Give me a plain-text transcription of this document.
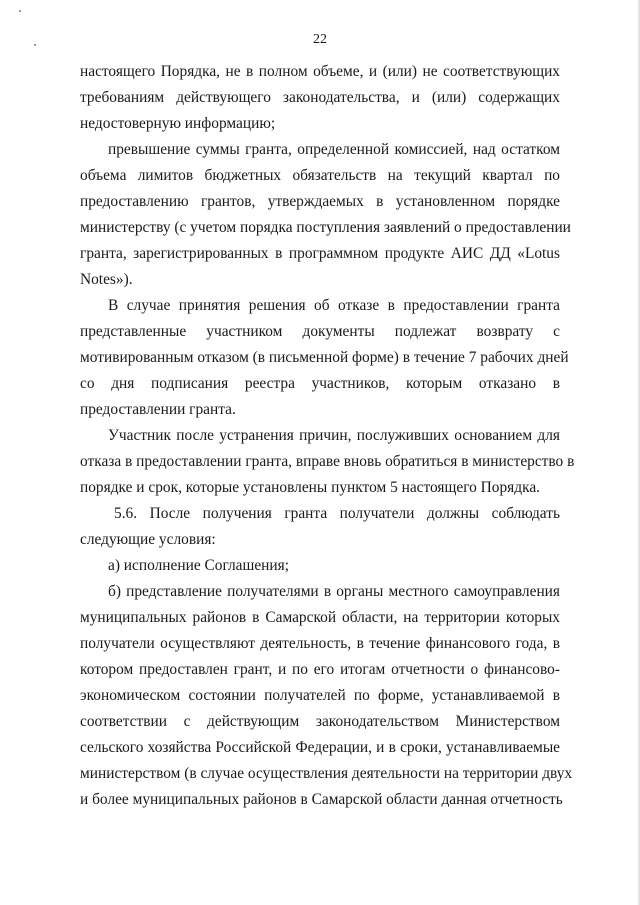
22
настоящего Порядка, не в полном объеме, и (или) не соответствующих
требованиям действующего законодательства, и (или) содержащих
недостоверную информацию;
превышение суммы гранта, определенной комиссией, над остатком
объема лимитов бюджетных обязательств на текущий квартал по
предоставлению грантов, утверждаемых в установленном порядке
министерству (с учетом порядка поступления заявлений о предоставлении
гранта, зарегистрированных в программном продукте АИС ДД «Lotus
Notes»).
В случае принятия решения об отказе в предоставлении гранта
представленные участником документы подлежат возврату с
мотивированным отказом (в письменной форме) в течение 7 рабочих дней
со дня подписания реестра участников, которым отказано в
предоставлении гранта.
Участник после устранения причин, послуживших основанием для
отказа в предоставлении гранта, вправе вновь обратиться в министерство в
порядке и срок, которые установлены пунктом 5 настоящего Порядка.
5.6. После получения гранта получатели должны соблюдать
следующие условия:
а) исполнение Соглашения;
б) представление получателями в органы местного самоуправления
муниципальных районов в Самарской области, на территории которых
получатели осуществляют деятельность, в течение финансового года, в
котором предоставлен грант, и по его итогам отчетности о финансово-
экономическом состоянии получателей по форме, устанавливаемой в
соответствии с действующим законодательством Министерством
сельского хозяйства Российской Федерации, и в сроки, устанавливаемые
министерством (в случае осуществления деятельности на территории двух
и более муниципальных районов в Самарской области данная отчетность
